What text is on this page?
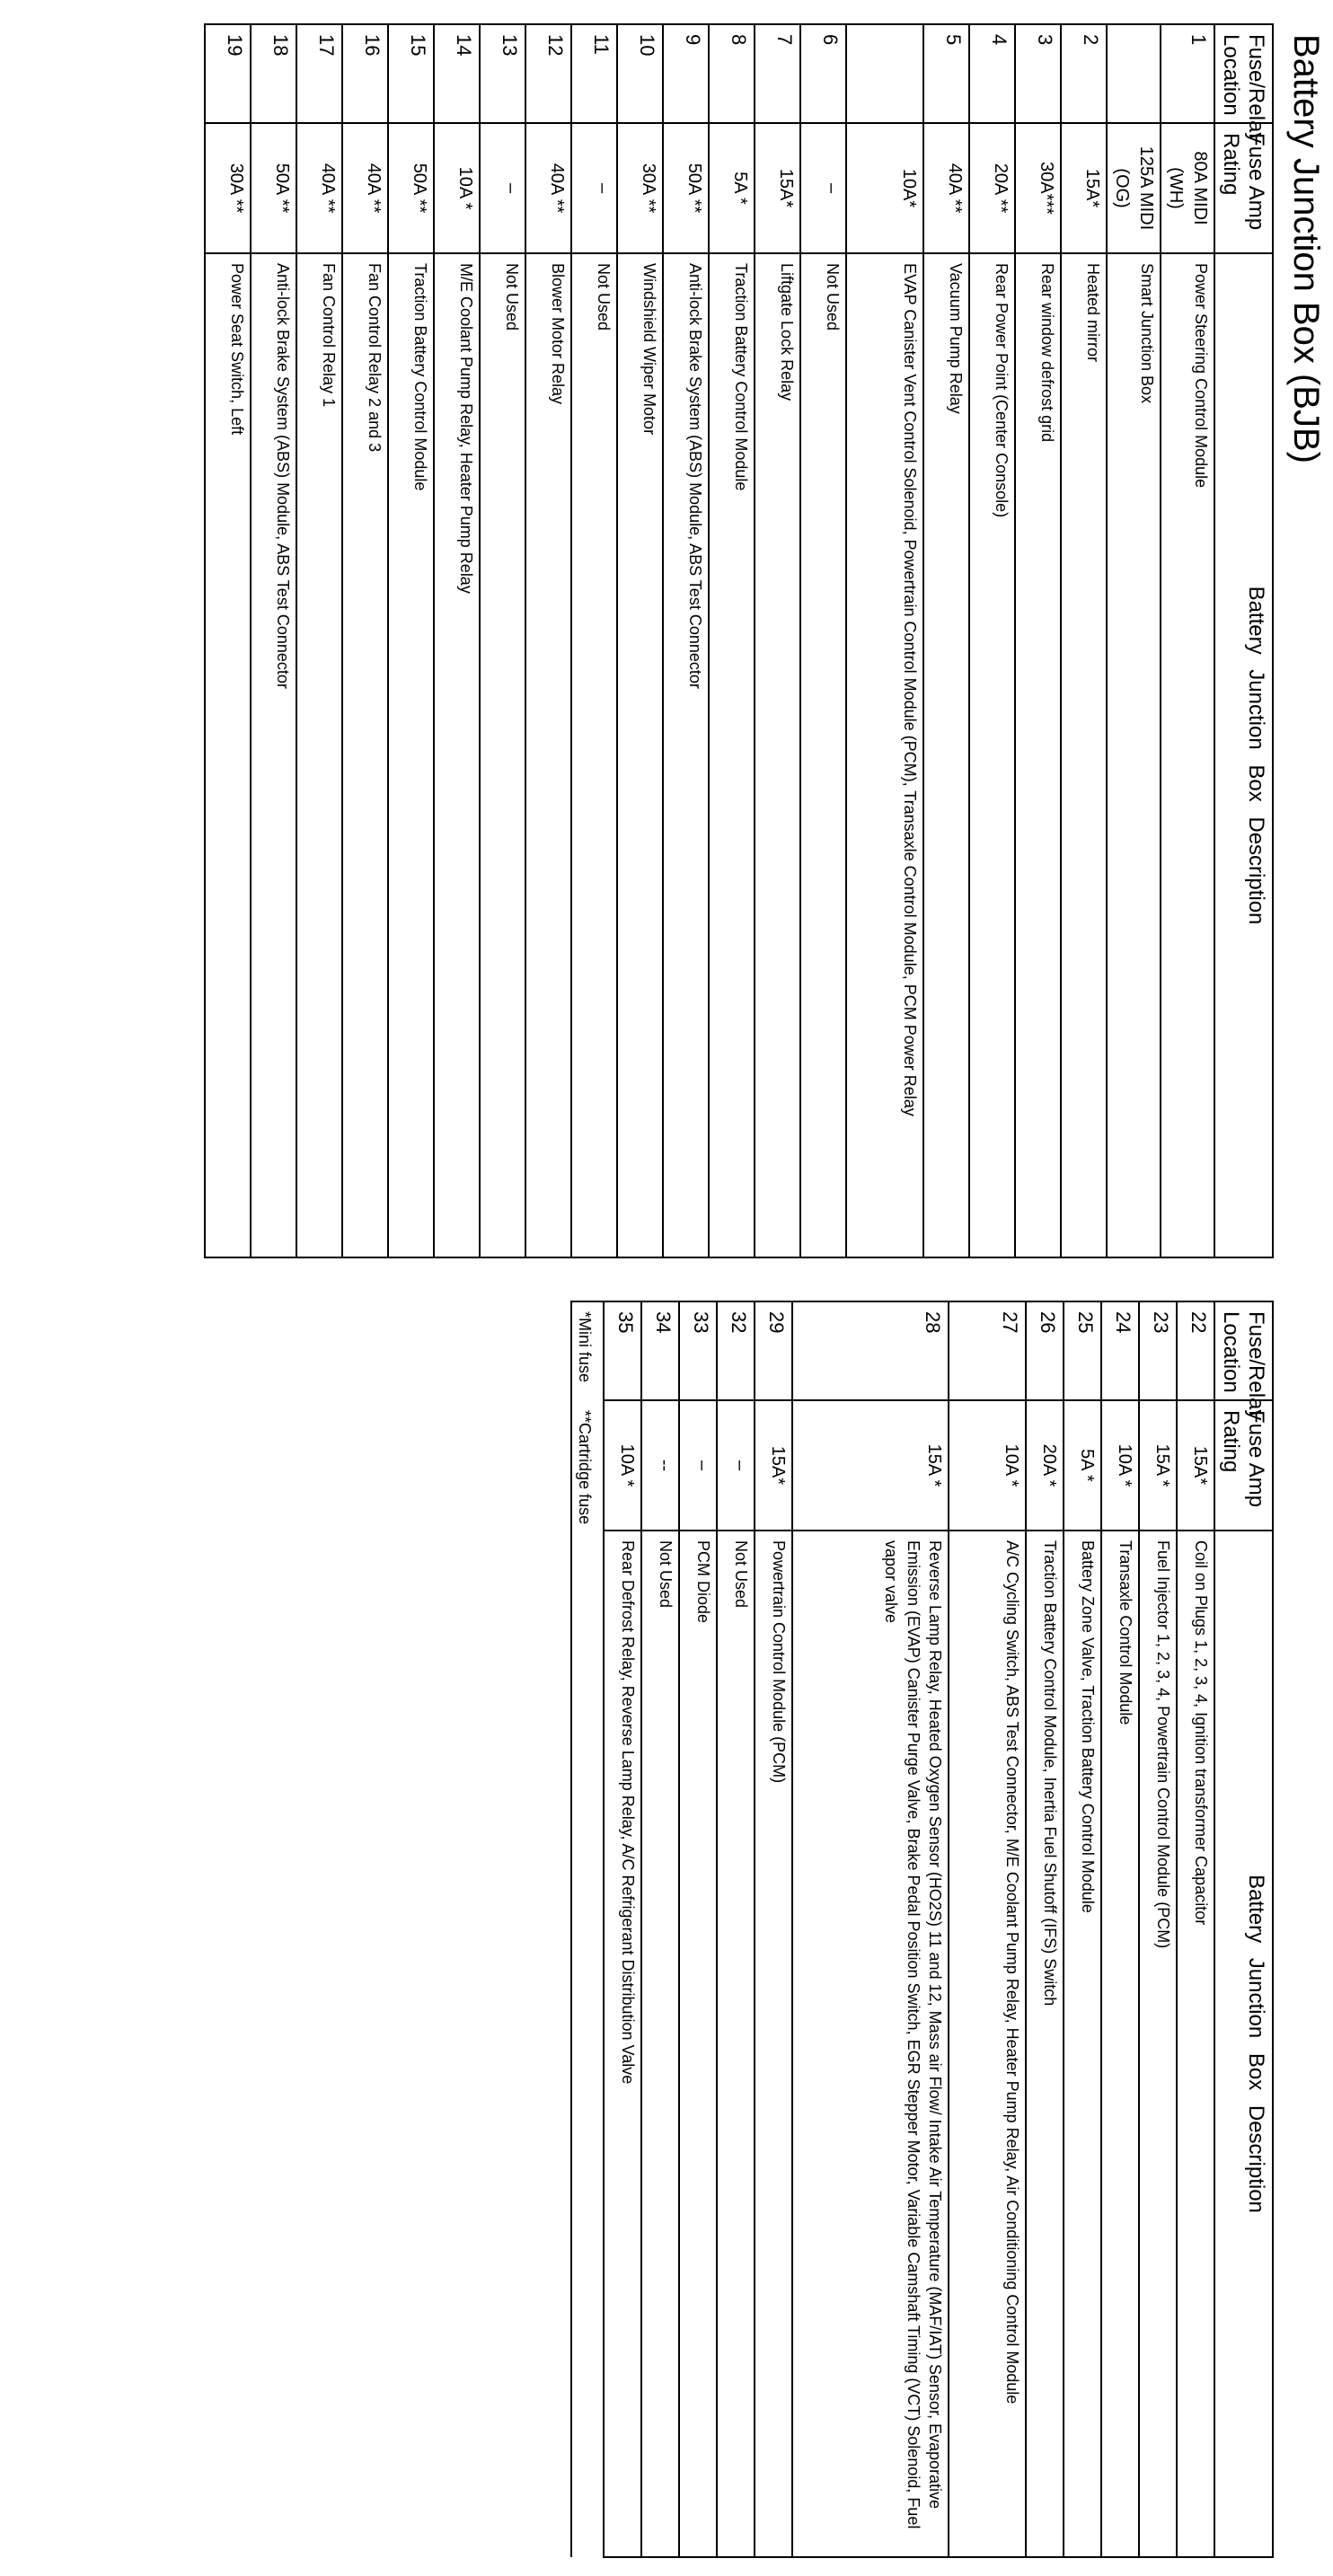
Battery Junction Box (BJB)
Fuse/Relay Location	Fuse Amp Rating	Battery Junction Box Description
1	80A MIDI (WH)	Power Steering Control Module
	125A MIDI (OG)	Smart Junction Box
2	15A*	Heated mirror
3	30A***	Rear window defrost grid
4	20A **	Rear Power Point (Center Console)
5	40A **	Vacuum Pump Relay
	10A*	EVAP Canister Vent Control Solenoid, Powertrain Control Module (PCM), Transaxle Control Module, PCM Power Relay
6	–	Not Used
7	15A*	Liftgate Lock Relay
8	5A *	Traction Battery Control Module
9	50A **	Anti-lock Brake System (ABS) Module, ABS Test Connector
10	30A **	Windshield Wiper Motor
11	–	Not Used
12	40A **	Blower Motor Relay
13	–	Not Used
14	10A *	M/E Coolant Pump Relay, Heater Pump Relay
15	50A **	Traction Battery Control Module
16	40A **	Fan Control Relay 2 and 3
17	40A **	Fan Control Relay 1
18	50A **	Anti-lock Brake System (ABS) Module, ABS Test Connector
19	30A **	Power Seat Switch, Left
Fuse/Relay Location	Fuse Amp Rating	Battery Junction Box Description
22	15A*	Coil on Plugs 1, 2, 3, 4, Ignition transformer Capacitor
23	15A *	Fuel Injector 1, 2, 3, 4, Powertrain Control Module (PCM)
24	10A *	Transaxle Control Module
25	5A *	Battery Zone Valve, Traction Battery Control Module
26	20A *	Traction Battery Control Module, Inertia Fuel Shutoff (IFS) Switch
27	10A *	A/C Cycling Switch, ABS Test Connector, M/E Coolant Pump Relay, Heater Pump Relay, Air Conditioning Control Module
28	15A *	Reverse Lamp Relay, Heated Oxygen Sensor (HO2S) 11 and 12, Mass air Flow/ Intake Air Temperature (MAF/IAT) Sensor, Evaporative Emission (EVAP) Canister Purge Valve, Brake Pedal Position Switch, EGR Stepper Motor, Variable Camshaft Timing (VCT) Solenoid, Fuel vapor valve
29	15A*	Powertrain Control Module (PCM)
32	–	Not Used
33	–	PCM Diode
34	--	Not Used
35	10A *	Rear Defrost Relay, Reverse Lamp Relay, A/C Refrigerant Distribution Valve
*Mini fuse **Cartridge fuse		
